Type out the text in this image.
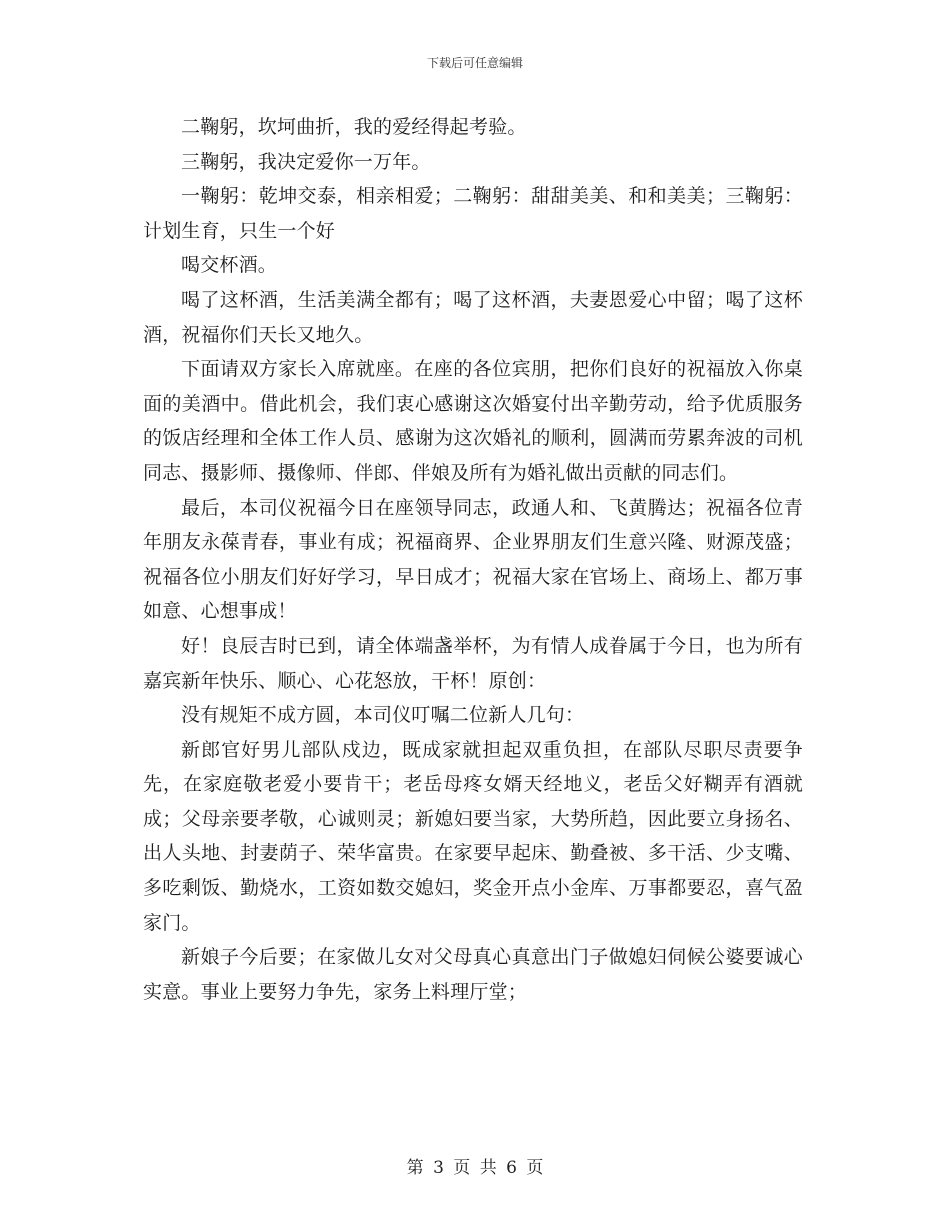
下载后可任意编辑

二鞠躬，坎坷曲折，我的爱经得起考验。

三鞠躬，我决定爱你一万年。

一鞠躬：乾坤交泰，相亲相爱；二鞠躬：甜甜美美、和和美美；三鞠躬：计划生育，只生一个好

喝交杯酒。

喝了这杯酒，生活美满全都有；喝了这杯酒，夫妻恩爱心中留；喝了这杯酒，祝福你们天长又地久。

下面请双方家长入席就座。在座的各位宾朋，把你们良好的祝福放入你桌面的美酒中。借此机会，我们衷心感谢这次婚宴付出辛勤劳动，给予优质服务的饭店经理和全体工作人员、感谢为这次婚礼的顺利，圆满而劳累奔波的司机同志、摄影师、摄像师、伴郎、伴娘及所有为婚礼做出贡献的同志们。

最后，本司仪祝福今日在座领导同志，政通人和、飞黄腾达；祝福各位青年朋友永葆青春，事业有成；祝福商界、企业界朋友们生意兴隆、财源茂盛；祝福各位小朋友们好好学习，早日成才；祝福大家在官场上、商场上、都万事如意、心想事成！

好！良辰吉时已到，请全体端盏举杯，为有情人成眷属于今日，也为所有嘉宾新年快乐、顺心、心花怒放，干杯！原创：

没有规矩不成方圆，本司仪叮嘱二位新人几句：

新郎官好男儿部队戍边，既成家就担起双重负担，在部队尽职尽责要争先，在家庭敬老爱小要肯干；老岳母疼女婿天经地义，老岳父好糊弄有酒就成；父母亲要孝敬，心诚则灵；新媳妇要当家，大势所趋，因此要立身扬名、出人头地、封妻荫子、荣华富贵。在家要早起床、勤叠被、多干活、少支嘴、多吃剩饭、勤烧水，工资如数交媳妇，奖金开点小金库、万事都要忍，喜气盈家门。

新娘子今后要；在家做儿女对父母真心真意出门子做媳妇伺候公婆要诚心实意。事业上要努力争先，家务上料理厅堂；

第 3 页 共 6 页
